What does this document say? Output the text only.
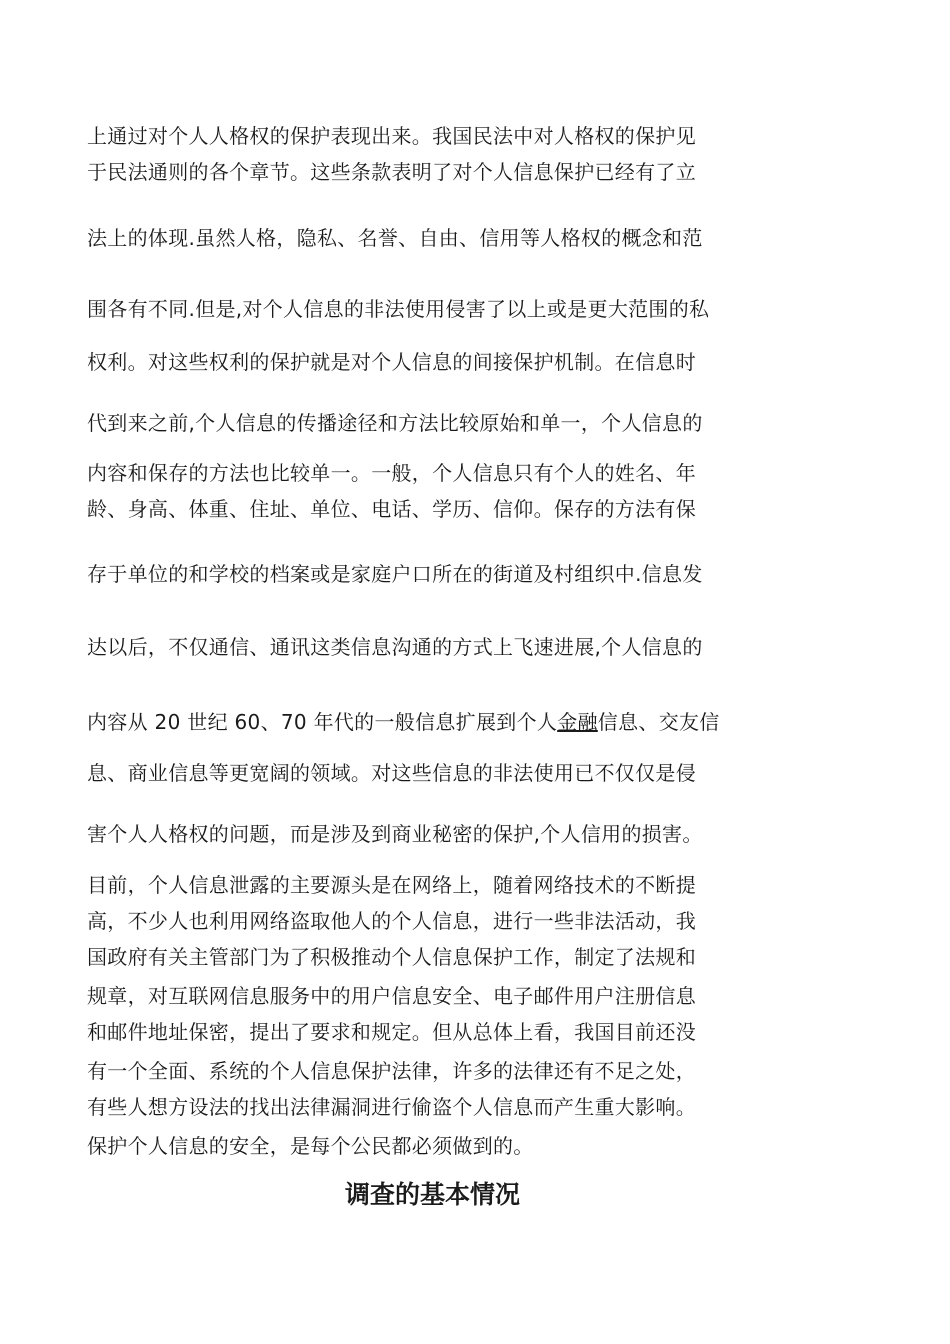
上通过对个人人格权的保护表现出来。我国民法中对人格权的保护见
于民法通则的各个章节。这些条款表明了对个人信息保护已经有了立
法上的体现.虽然人格，隐私、名誉、自由、信用等人格权的概念和范
围各有不同.但是,对个人信息的非法使用侵害了以上或是更大范围的私
权利。对这些权利的保护就是对个人信息的间接保护机制。在信息时
代到来之前,个人信息的传播途径和方法比较原始和单一，个人信息的
内容和保存的方法也比较单一。一般，个人信息只有个人的姓名、年
龄、身高、体重、住址、单位、电话、学历、信仰。保存的方法有保
存于单位的和学校的档案或是家庭户口所在的街道及村组织中.信息发
达以后，不仅通信、通讯这类信息沟通的方式上飞速进展,个人信息的
内容从 20 世纪 60、70 年代的一般信息扩展到个人金融信息、交友信
息、商业信息等更宽阔的领域。对这些信息的非法使用已不仅仅是侵
害个人人格权的问题，而是涉及到商业秘密的保护,个人信用的损害。
目前，个人信息泄露的主要源头是在网络上，随着网络技术的不断提
高，不少人也利用网络盗取他人的个人信息，进行一些非法活动，我
国政府有关主管部门为了积极推动个人信息保护工作，制定了法规和
规章，对互联网信息服务中的用户信息安全、电子邮件用户注册信息
和邮件地址保密，提出了要求和规定。但从总体上看，我国目前还没
有一个全面、系统的个人信息保护法律，许多的法律还有不足之处，
有些人想方设法的找出法律漏洞进行偷盗个人信息而产生重大影响。
保护个人信息的安全，是每个公民都必须做到的。
调查的基本情况
